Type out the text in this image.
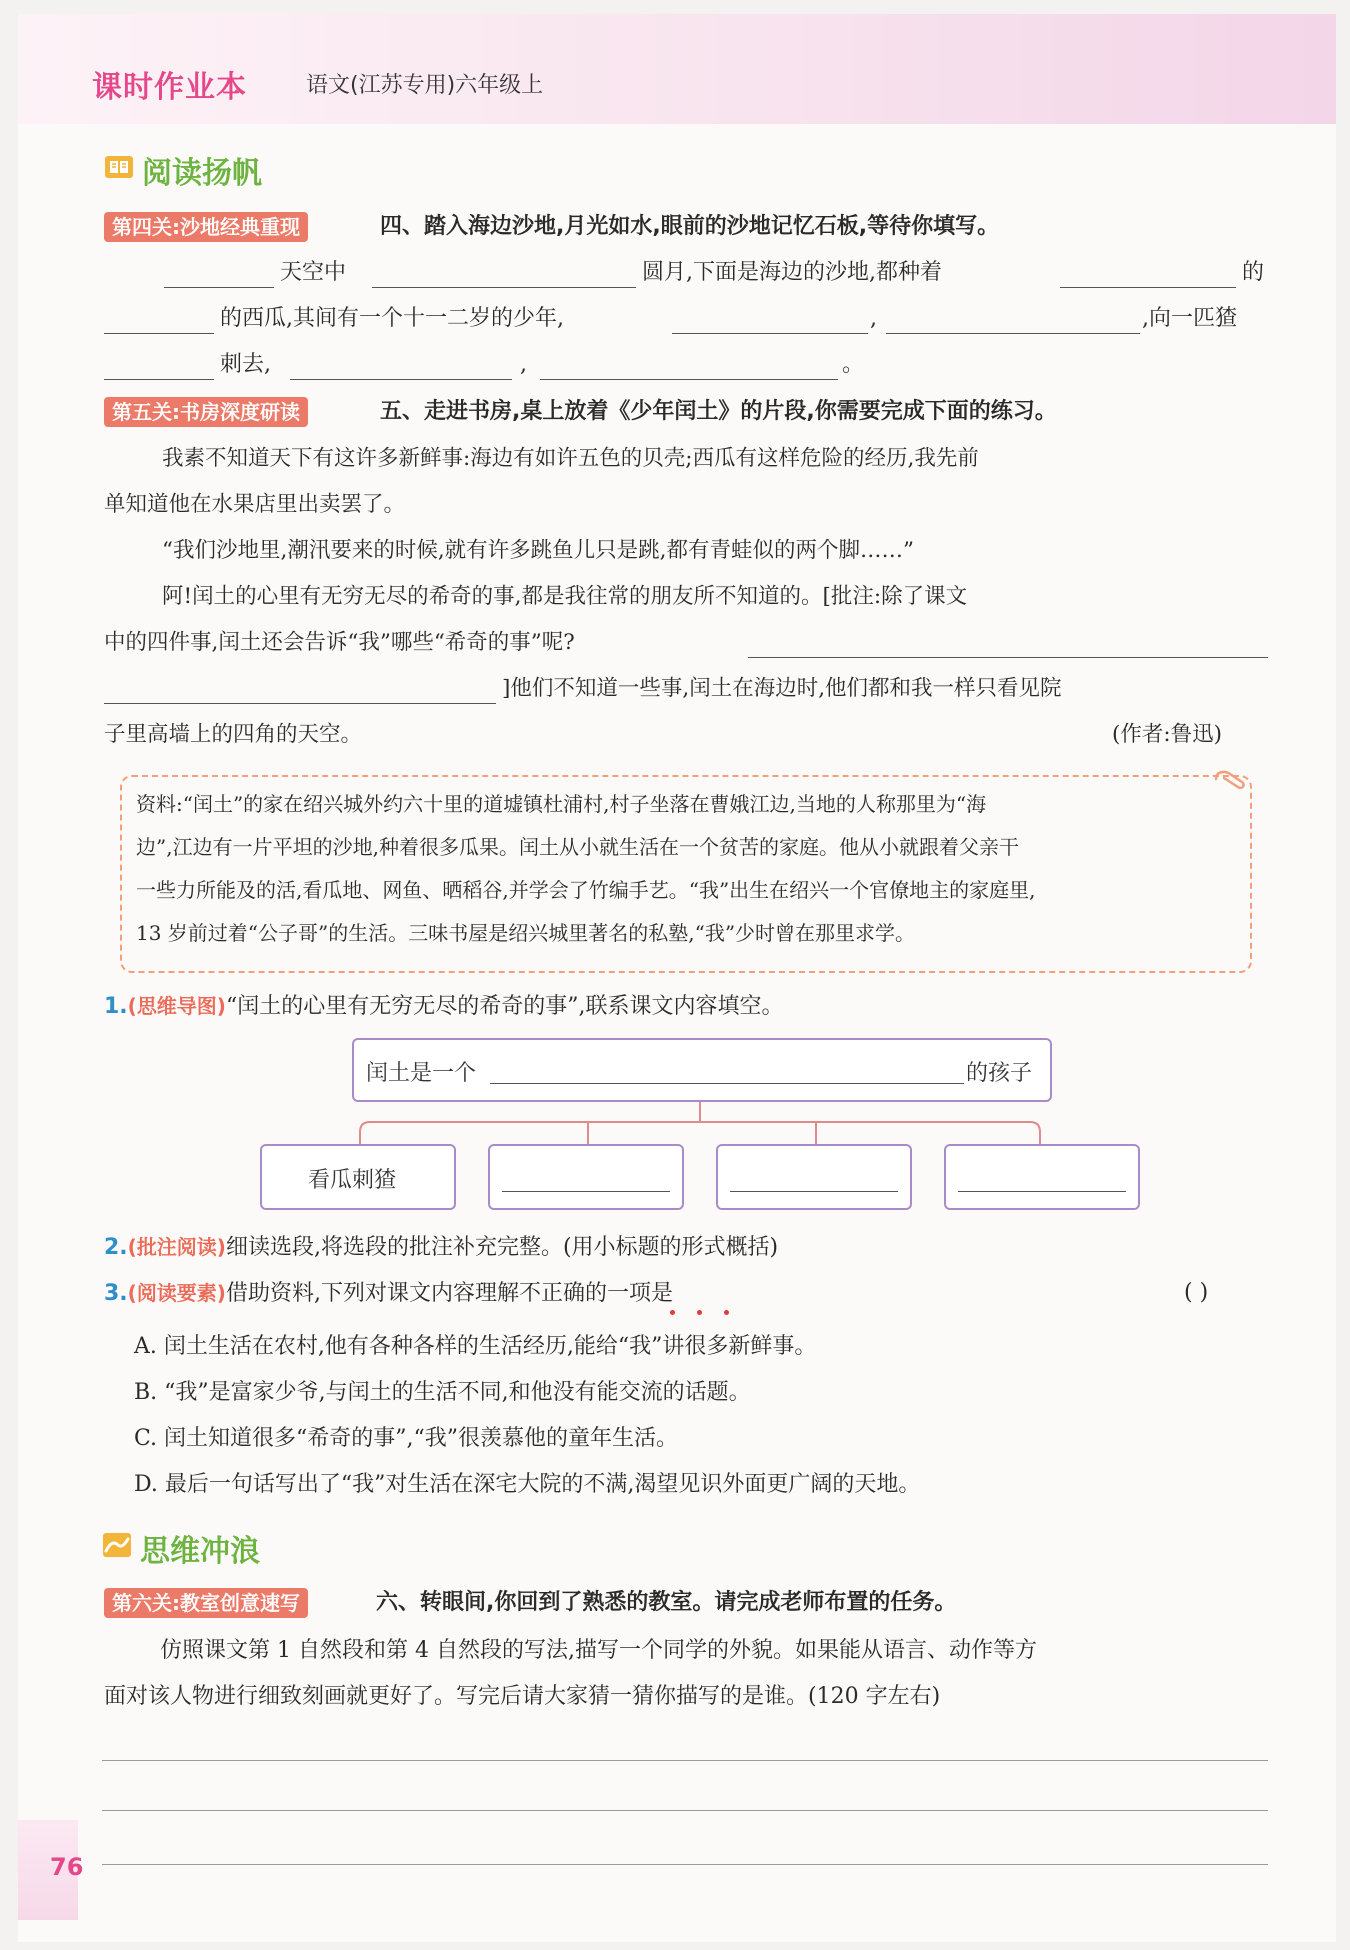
课时作业本	语文(江苏专用)六年级上
阅读扬帆
第四关:沙地经典重现	四、踏入海边沙地,月光如水,眼前的沙地记忆石板,等待你填写。
天空中	圆月,下面是海边的沙地,都种着	的
的西瓜,其间有一个十一二岁的少年,	,	,向一匹猹
刺去,	,	。
第五关:书房深度研读	五、走进书房,桌上放着《少年闰土》的片段,你需要完成下面的练习。
我素不知道天下有这许多新鲜事:海边有如许五色的贝壳;西瓜有这样危险的经历,我先前
单知道他在水果店里出卖罢了。
“我们沙地里,潮汛要来的时候,就有许多跳鱼儿只是跳,都有青蛙似的两个脚……”
阿!闰土的心里有无穷无尽的希奇的事,都是我往常的朋友所不知道的。[批注:除了课文
中的四件事,闰土还会告诉“我”哪些“希奇的事”呢?
]他们不知道一些事,闰土在海边时,他们都和我一样只看见院
子里高墙上的四角的天空。	(作者:鲁迅)
资料:“闰土”的家在绍兴城外约六十里的道墟镇杜浦村,村子坐落在曹娥江边,当地的人称那里为“海
边”,江边有一片平坦的沙地,种着很多瓜果。闰土从小就生活在一个贫苦的家庭。他从小就跟着父亲干
一些力所能及的活,看瓜地、网鱼、晒稻谷,并学会了竹编手艺。“我”出生在绍兴一个官僚地主的家庭里,
13 岁前过着“公子哥”的生活。三味书屋是绍兴城里著名的私塾,“我”少时曾在那里求学。
1.(思维导图)“闰土的心里有无穷无尽的希奇的事”,联系课文内容填空。
闰土是一个	的孩子
看瓜刺猹
2.(批注阅读)细读选段,将选段的批注补充完整。(用小标题的形式概括)
3.(阅读要素)借助资料,下列对课文内容理解不正确的一项是	( )
A. 闰土生活在农村,他有各种各样的生活经历,能给“我”讲很多新鲜事。
B. “我”是富家少爷,与闰土的生活不同,和他没有能交流的话题。
C. 闰土知道很多“希奇的事”,“我”很羡慕他的童年生活。
D. 最后一句话写出了“我”对生活在深宅大院的不满,渴望见识外面更广阔的天地。
思维冲浪
第六关:教室创意速写	六、转眼间,你回到了熟悉的教室。请完成老师布置的任务。
仿照课文第 1 自然段和第 4 自然段的写法,描写一个同学的外貌。如果能从语言、动作等方
面对该人物进行细致刻画就更好了。写完后请大家猜一猜你描写的是谁。(120 字左右)
76
